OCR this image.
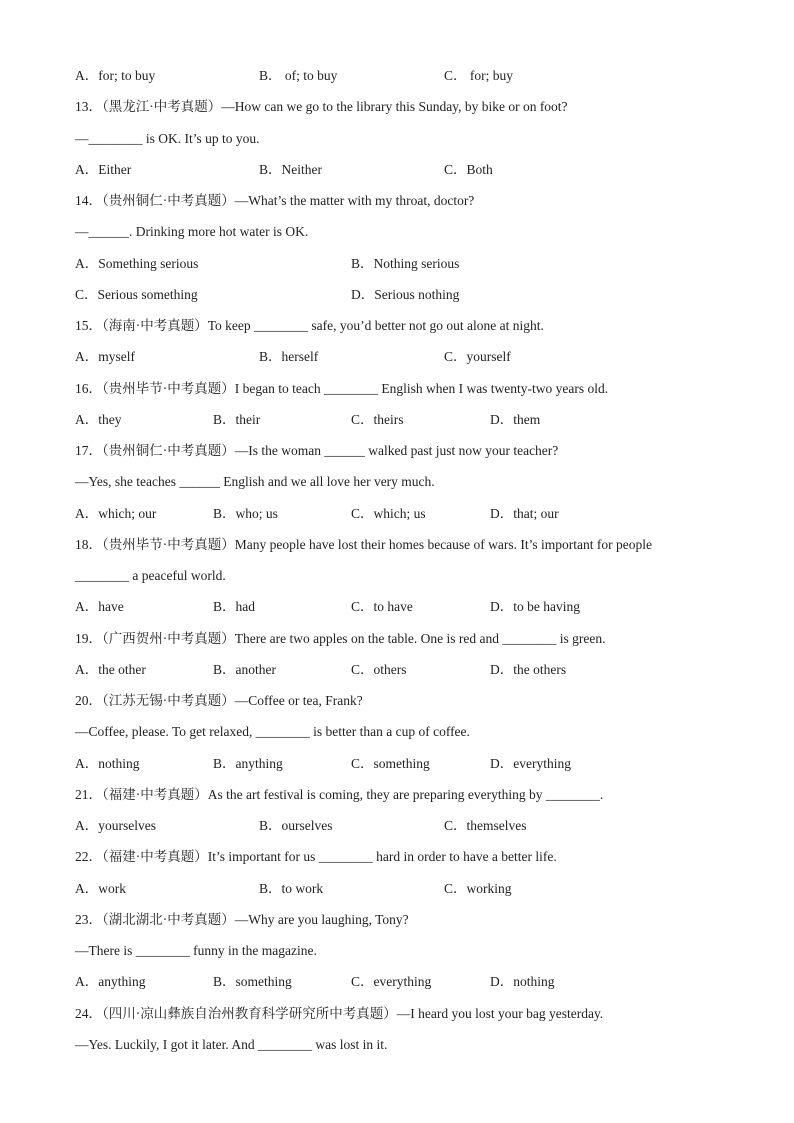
A．for; to buy	B． of; to buy	C． for; buy
13．（黑龙江·中考真题）—How can we go to the library this Sunday, by bike or on foot?
—________ is OK. It’s up to you.
A．Either	B．Neither	C．Both
14．（贵州铜仁·中考真题）—What’s the matter with my throat, doctor?
—______. Drinking more hot water is OK.
A．Something serious	B．Nothing serious
C．Serious something	D．Serious nothing
15．（海南·中考真题）To keep ________ safe, you’d better not go out alone at night.
A．myself	B．herself	C．yourself
16．（贵州毕节·中考真题）I began to teach ________ English when I was twenty-two years old.
A．they	B．their	C．theirs	D．them
17．（贵州铜仁·中考真题）—Is the woman ______ walked past just now your teacher?
—Yes, she teaches ______ English and we all love her very much.
A．which; our	B．who; us	C．which; us	D．that; our
18．（贵州毕节·中考真题）Many people have lost their homes because of wars. It’s important for people
________ a peaceful world.
A．have	B．had	C．to have	D．to be having
19．（广西贺州·中考真题）There are two apples on the table. One is red and ________ is green.
A．the other	B．another	C．others	D．the others
20．（江苏无锡·中考真题）—Coffee or tea, Frank?
—Coffee, please. To get relaxed, ________ is better than a cup of coffee.
A．nothing	B．anything	C．something	D．everything
21．（福建·中考真题）As the art festival is coming, they are preparing everything by ________.
A．yourselves	B．ourselves	C．themselves
22．（福建·中考真题）It’s important for us ________ hard in order to have a better life.
A．work	B．to work	C．working
23．（湖北湖北·中考真题）—Why are you laughing, Tony?
—There is ________ funny in the magazine.
A．anything	B．something	C．everything	D．nothing
24．（四川·凉山彝族自治州教育科学研究所中考真题）—I heard you lost your bag yesterday.
—Yes. Luckily, I got it later. And ________ was lost in it.
